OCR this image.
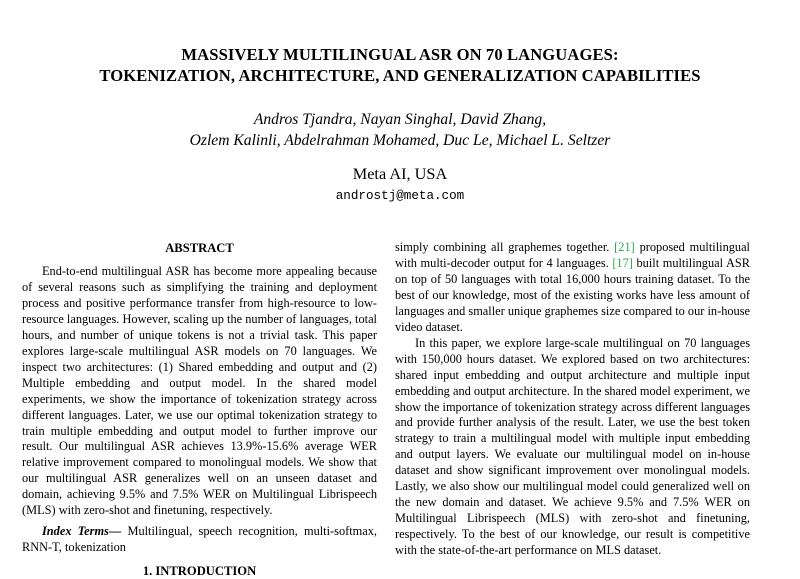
MASSIVELY MULTILINGUAL ASR ON 70 LANGUAGES:
TOKENIZATION, ARCHITECTURE, AND GENERALIZATION CAPABILITIES
Andros Tjandra, Nayan Singhal, David Zhang,
Ozlem Kalinli, Abdelrahman Mohamed, Duc Le, Michael L. Seltzer
Meta AI, USA
androstj@meta.com
ABSTRACT

End-to-end multilingual ASR has become more appealing because of several reasons such as simplifying the training and deployment process and positive performance transfer from high-resource to low-resource languages. However, scaling up the number of languages, total hours, and number of unique tokens is not a trivial task. This paper explores large-scale multilingual ASR models on 70 languages. We inspect two architectures: (1) Shared embedding and output and (2) Multiple embedding and output model. In the shared model experiments, we show the importance of tokenization strategy across different languages. Later, we use our optimal tokenization strategy to train multiple embedding and output model to further improve our result. Our multilingual ASR achieves 13.9%-15.6% average WER relative improvement compared to monolingual models. We show that our multilingual ASR generalizes well on an unseen dataset and domain, achieving 9.5% and 7.5% WER on Multilingual Librispeech (MLS) with zero-shot and finetuning, respectively.

Index Terms— Multilingual, speech recognition, multi-softmax, RNN-T, tokenization

1. INTRODUCTION

simply combining all graphemes together. [21] proposed multilingual with multi-decoder output for 4 languages. [17] built multilingual ASR on top of 50 languages with total 16,000 hours training dataset. To the best of our knowledge, most of the existing works have less amount of languages and smaller unique graphemes size compared to our in-house video dataset.

In this paper, we explore large-scale multilingual on 70 languages with 150,000 hours dataset. We explored based on two architectures: shared input embedding and output architecture and multiple input embedding and output architecture. In the shared model experiment, we show the importance of tokenization strategy across different languages and provide further analysis of the result. Later, we use the best token strategy to train a multilingual model with multiple input embedding and output layers. We evaluate our multilingual model on in-house dataset and show significant improvement over monolingual models. Lastly, we also show our multilingual model could generalized well on the new domain and dataset. We achieve 9.5% and 7.5% WER on Multilingual Librispeech (MLS) with zero-shot and finetuning, respectively. To the best of our knowledge, our result is competitive with the state-of-the-art performance on MLS dataset.
